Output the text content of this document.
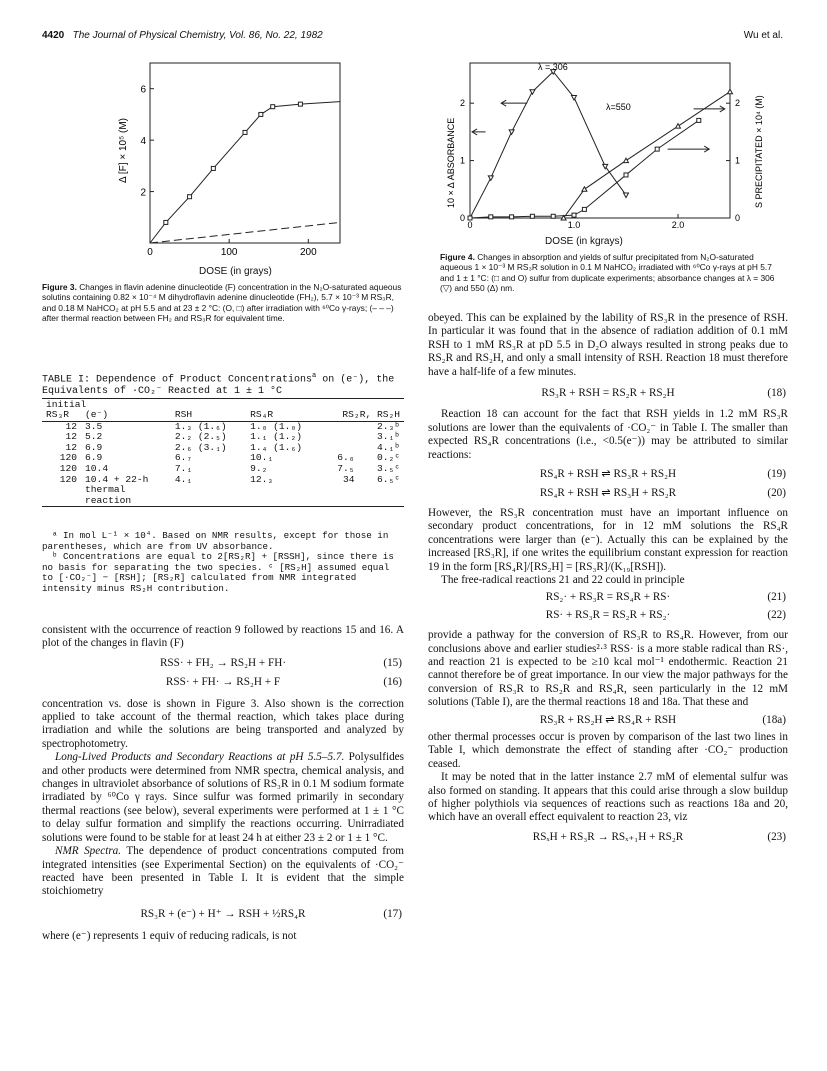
4420 The Journal of Physical Chemistry, Vol. 86, No. 22, 1982	Wu et al.
0	100	200
2
4
6
Δ [F] × 10⁵ (M)
DOSE (in grays)
Figure 3. Changes in flavin adenine dinucleotide (F) concentration in the N₂O-saturated aqueous solutins containing 0.82 × 10⁻⁴ M dihydroflavin adenine dinucleotide (FH₂), 5.7 × 10⁻³ M RS₃R, and 0.18 M NaHCO₂ at pH 5.5 and at 23 ± 2 °C: (O, □) after irradiation with ⁶⁰Co γ-rays; (– – –) after thermal reaction between FH₂ and RS₃R for equivalent time.
TABLE I: Dependence of Product Concentrations$^a$ on (e⁻), the Equivalents of ·CO₂⁻ Reacted at 1 ± 1 °C
initial
RS₃R	(e⁻)	RSH	RS₄R	RS₂R, RS₂H	
12	3.5	1.₃ (1.₆)	1.₀ (1.₀)		2.₃ᵇ
12	5.2	2.₂ (2.₅)	1.₁ (1.₂)		3.₁ᵇ
12	6.9	2.₆ (3.₁)	1.₄ (1.₆)		4.₁ᵇ
120	6.9	6.₇	10.₁	6.₀	0.₂ᶜ
120	10.4	7.₁	9.₂	7.₅	3.₅ᶜ
120	10.4 + 22-h	4.₁	12.₃	34	6.₅ᶜ
	thermal				
	reaction				
ᵃ In mol L⁻¹ × 10⁴. Based on NMR results, except for those in parentheses, which are from UV absorbance.
ᵇ Concentrations are equal to 2[RS₂R] + [RSSH], since there is no basis for separating the two species. ᶜ [RS₂H] assumed equal to [·CO₂⁻] − [RSH]; [RS₂R] calculated from NMR integrated intensity minus RS₂H contribution.

consistent with the occurrence of reaction 9 followed by reactions 15 and 16. A plot of the changes in flavin (F)

RSS· + FH₂ → RS₂H + FH·	(15)
RSS· + FH· → RS₂H + F	(16)

concentration vs. dose is shown in Figure 3. Also shown is the correction applied to take account of the thermal reaction, which takes place during irradiation and while the solutions are being transported and analyzed by spectrophotometry.

Long-Lived Products and Secondary Reactions at pH 5.5–5.7. Polysulfides and other products were determined from NMR spectra, chemical analysis, and changes in ultraviolet absorbance of solutions of RS₃R in 0.1 M sodium formate irradiated by ⁶⁰Co γ rays. Since sulfur was formed primarily in secondary thermal reactions (see below), several experiments were performed at 1 ± 1 °C to delay sulfur formation and simplify the reactions occurring. Unirradiated solutions were found to be stable for at least 24 h at either 23 ± 2 or 1 ± 1 °C.

NMR Spectra. The dependence of product concentrations computed from integrated intensities (see Experimental Section) on the equivalents of ·CO₂⁻ reacted have been presented in Table I. It is evident that the simple stoichiometry

RS₃R + (e⁻) + H⁺ → RSH + ½RS₄R	(17)

where (e⁻) represents 1 equiv of reducing radicals, is not

0	1.0	2.0
0	0
1	1
2	2
λ = 306
λ=550
10 × Δ ABSORBANCE	S PRECIPITATED × 10⁴ (M)
DOSE (in kgrays)
Figure 4. Changes in absorption and yields of sulfur precipitated from N₂O-saturated aqueous 1 × 10⁻³ M RS₃R solution in 0.1 M NaHCO₂ irradiated with ⁶⁰Co γ-rays at pH 5.7 and 1 ± 1 °C: (□ and O) sulfur from duplicate experiments; absorbance changes at λ = 306 (▽) and 550 (Δ) nm.

obeyed. This can be explained by the lability of RS₃R in the presence of RSH. In particular it was found that in the absence of radiation addition of 0.1 mM RSH to 1 mM RS₃R at pD 5.5 in D₂O always resulted in strong peaks due to RS₂R and RS₂H, and only a small intensity of RSH. Reaction 18 must therefore have a half-life of a few minutes.

RS₃R + RSH = RS₂R + RS₂H	(18)

Reaction 18 can account for the fact that RSH yields in 1.2 mM RS₃R solutions are lower than the equivalents of ·CO₂⁻ in Table I. The smaller than expected RS₄R concentrations (i.e., <0.5(e⁻)) may be attributed to similar reactions:

RS₄R + RSH ⇌ RS₃R + RS₂H	(19)
RS₄R + RSH ⇌ RS₃H + RS₂R	(20)

However, the RS₃R concentration must have an important influence on secondary product concentrations, for in 12 mM solutions the RS₄R concentrations were larger than (e⁻). Actually this can be explained by the increased [RS₃R], if one writes the equilibrium constant expression for reaction 19 in the form [RS₄R]/[RS₂H] = [RS₃R]/(K₁₉[RSH]).

The free-radical reactions 21 and 22 could in principle

RS₂· + RS₃R = RS₄R + RS·	(21)
RS· + RS₃R = RS₂R + RS₂·	(22)

provide a pathway for the conversion of RS₃R to RS₄R. However, from our conclusions above and earlier studies²·³ RSS· is a more stable radical than RS·, and reaction 21 is expected to be ≥10 kcal mol⁻¹ endothermic. Reaction 21 cannot therefore be of great importance. In our view the major pathways for the conversion of RS₃R to RS₂R and RS₄R, seen particularly in the 12 mM solutions (Table I), are the thermal reactions 18 and 18a. That these and

RS₃R + RS₂H ⇌ RS₄R + RSH	(18a)

other thermal processes occur is proven by comparison of the last two lines in Table I, which demonstrate the effect of standing after ·CO₂⁻ production ceased.

It may be noted that in the latter instance 2.7 mM of elemental sulfur was also formed on standing. It appears that this could arise through a slow buildup of higher polythiols via sequences of reactions such as reactions 18a and 20, which have an overall effect equivalent to reaction 23, viz

RSₓH + RS₃R → RSₓ₊₁H + RS₂R	(23)
